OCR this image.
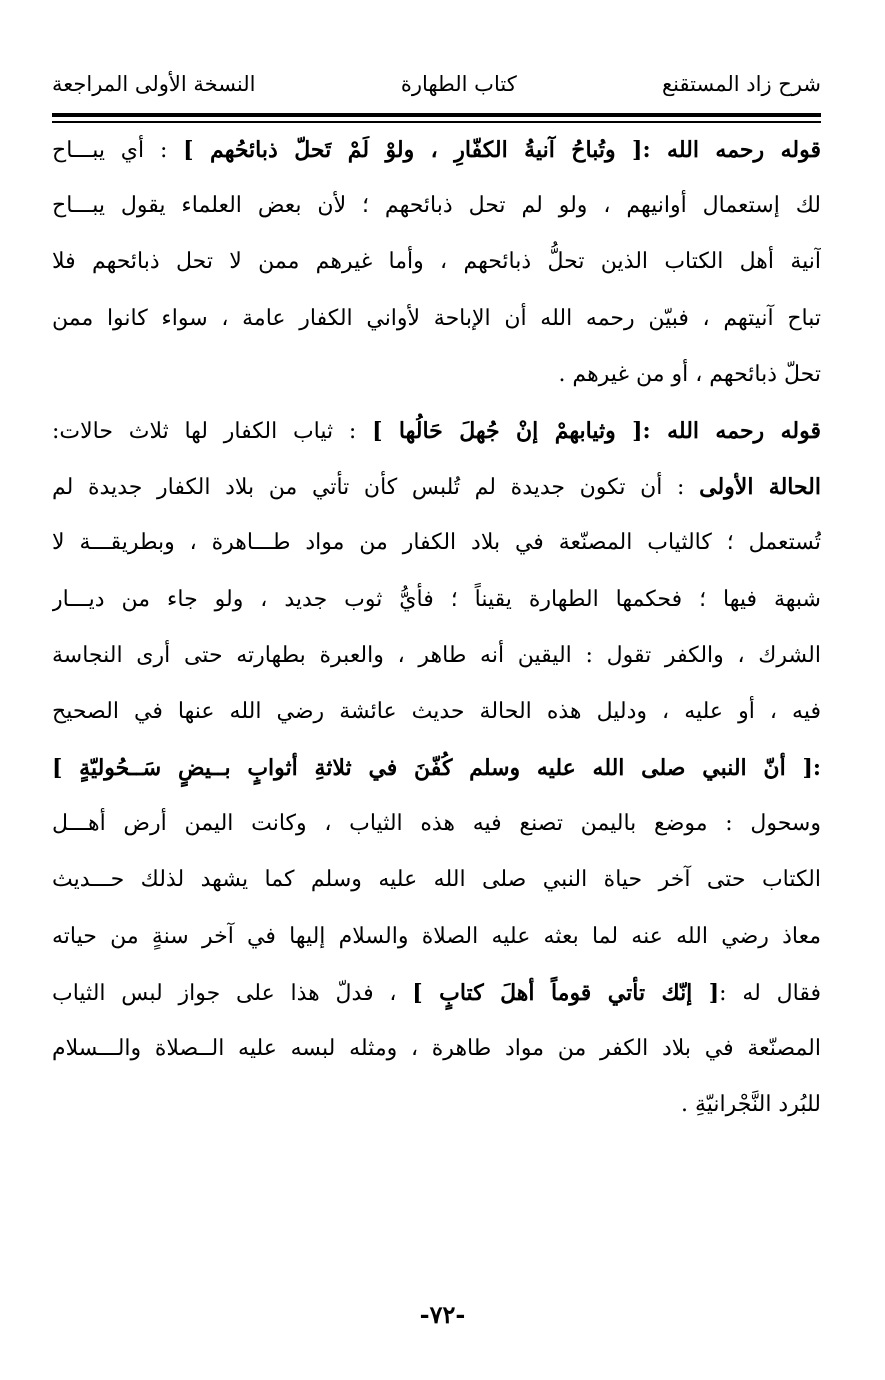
شرح زاد المستقنع
كتاب الطهارة
النسخة الأولى المراجعة
قوله رحمه الله :[ وتُباحُ آنيةُ الكفّارِ ، ولوْ لَمْ تَحلّ ذبائحُهم ] : أي يبـــاح
لك إستعمال أوانيهم ، ولو لم تحل ذبائحهم ؛ لأن بعض العلماء يقول يبـــاح
آنية أهل الكتاب الذين تحلُّ ذبائحهم ، وأما غيرهم ممن لا تحل ذبائحهم فلا
تباح آنيتهم ، فبيّن رحمه الله أن الإباحة لأواني الكفار عامة ، سواء كانوا ممن
تحلّ ذبائحهم ، أو من غيرهم .
قوله رحمه الله :[ وثيابهمْ إنْ جُهلَ حَالُها ] : ثياب الكفار لها ثلاث حالات:
الحالة الأولى : أن تكون جديدة لم تُلبس كأن تأتي من بلاد الكفار جديدة لم
تُستعمل ؛ كالثياب المصنّعة في بلاد الكفار من مواد طـــاهرة ، وبطريقـــة لا
شبهة فيها ؛ فحكمها الطهارة يقيناً ؛ فأيُّ ثوب جديد ، ولو جاء من ديـــار
الشرك ، والكفر تقول : اليقين أنه طاهر ، والعبرة بطهارته حتى أرى النجاسة
فيه ، أو عليه ، ودليل هذه الحالة حديث عائشة رضي الله عنها في الصحيح
:[ أنّ النبي صلى الله عليه وسلم كُفّنَ في ثلاثةِ أثوابٍ بــيضٍ سَــحُوليّةٍ ]
وسحول : موضع باليمن تصنع فيه هذه الثياب ، وكانت اليمن أرض أهـــل
الكتاب حتى آخر حياة النبي صلى الله عليه وسلم كما يشهد لذلك حـــديث
معاذ رضي الله عنه لما بعثه عليه الصلاة والسلام إليها في آخر سنةٍ من حياته
فقال له :[ إنّك تأتي قوماً أهلَ كتابٍ ] ، فدلّ هذا على جواز لبس الثياب
المصنّعة في بلاد الكفر من مواد طاهرة ، ومثله لبسه عليه الــصلاة والـــسلام
للبُرد النَّجْرانيّةِ .
-٧٢-
